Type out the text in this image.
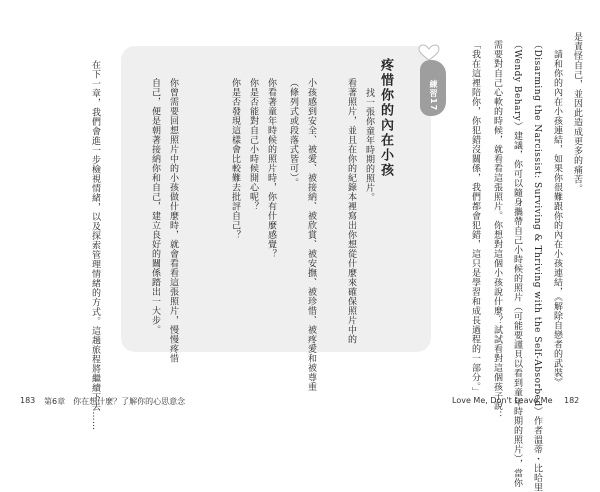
是責怪自己，並因此造成更多的痛苦。
　請和你的內在小孩連結，如果你很難跟你的內在小孩連結，《解除自戀者的武裝》
（Disarming the Narcissist: Surviving & Thriving with the Self-Absorbed）作者溫蒂・比哈里
（Wendy Behary）建議，你可以隨身攜帶自己小時候的照片（可能要謹貝以看到童年時期的照片），當你
需要對自己心軟的時候，就看看這張照片。你想對這個小孩說什麼？試試看對這個孩子說：
「我在這裡陪你，你犯錯沒關係，我們都會犯錯，這只是學習和成長過程的一部分。」
練習17
疼惜你的內在小孩
找一張你童年時期的照片。
看著照片，並且在你的紀錄本裡寫出你想從什麼來確保照片中的
小孩感到安全、被愛、被接納、被欣賞、被安撫、被珍惜、被疼愛和被尊重
（條列式或段落式皆可）。
你看著童年時候的照片時，你有什麼感覺？
你是否能對自己小時候開心呢？
你是否發現這樣會比較難去批評自己？
你曾需要回想照片中的小孩做什麼時，就會看看這張照片，慢慢疼惜
自己，便是朝著接納你和自己，建立良好的關係踏出一大步。
在下一章，我們會進一步檢視情緒，以及探索管理情緒的方式。這趟旅程將繼續下去……
183 第6章　你在想什麼？了解你的心思意念	Love Me, Don't Leave Me 182
